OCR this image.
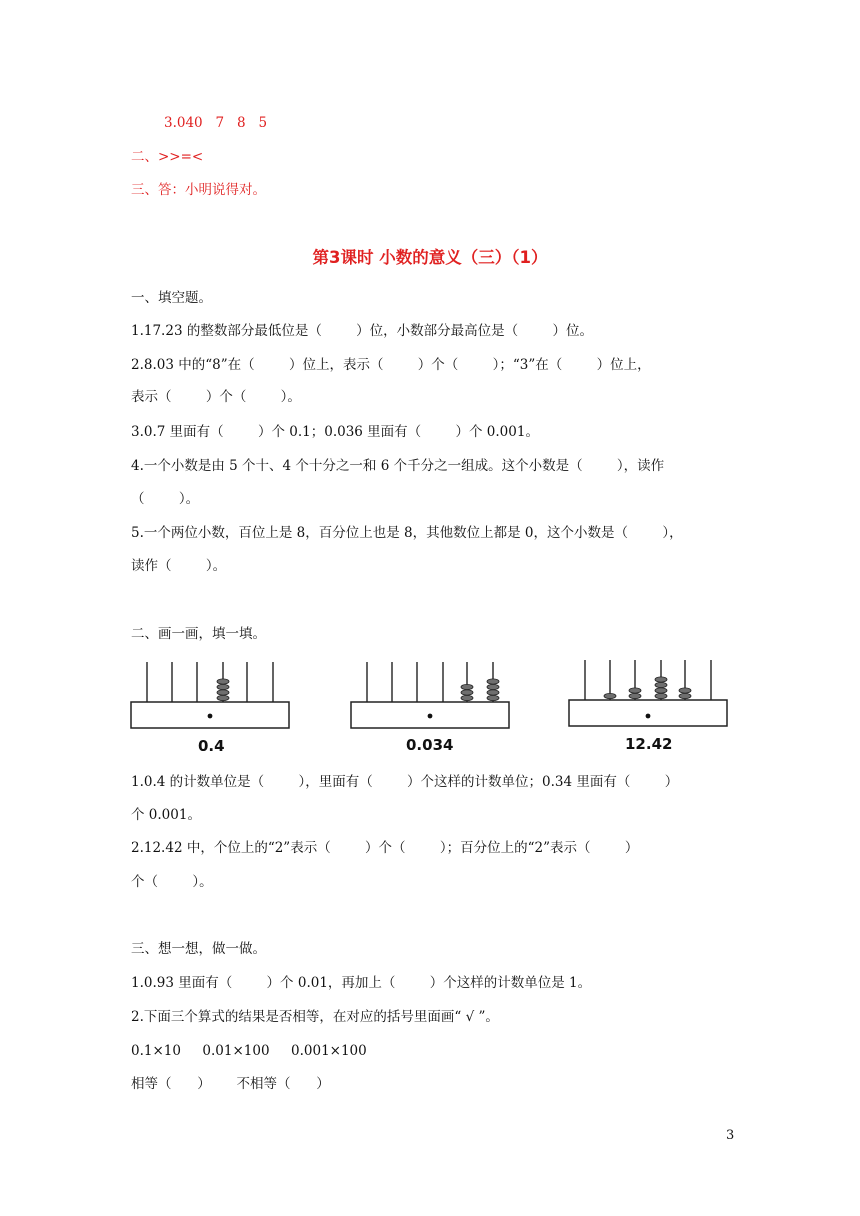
3.040   7   8   5
二、>>=<
三、答：小明说得对。
第3课时 小数的意义（三）（1）
一、填空题。
1.17.23 的整数部分最低位是（        ）位，小数部分最高位是（        ）位。
2.8.03 中的“8”在（        ）位上，表示（        ）个（        ）；“3”在（        ）位上，
表示（        ）个（        ）。
3.0.7 里面有（        ）个 0.1；0.036 里面有（        ）个 0.001。
4.一个小数是由 5 个十、4 个十分之一和 6 个千分之一组成。这个小数是（        ），读作
（        ）。
5.一个两位小数，百位上是 8，百分位上也是 8，其他数位上都是 0，这个小数是（        ），
读作（        ）。
二、画一画，填一填。
0.4	0.034	12.42
1.0.4 的计数单位是（        ），里面有（        ）个这样的计数单位；0.34 里面有（        ）
个 0.001。
2.12.42 中，个位上的“2”表示（        ）个（        ）；百分位上的“2”表示（        ）
个（        ）。
三、想一想，做一做。
1.0.93 里面有（        ）个 0.01，再加上（        ）个这样的计数单位是 1。
2.下面三个算式的结果是否相等，在对应的括号里面画“ √ ”。
0.1×10     0.01×100     0.001×100
相等（      ）      不相等（      ）
3
